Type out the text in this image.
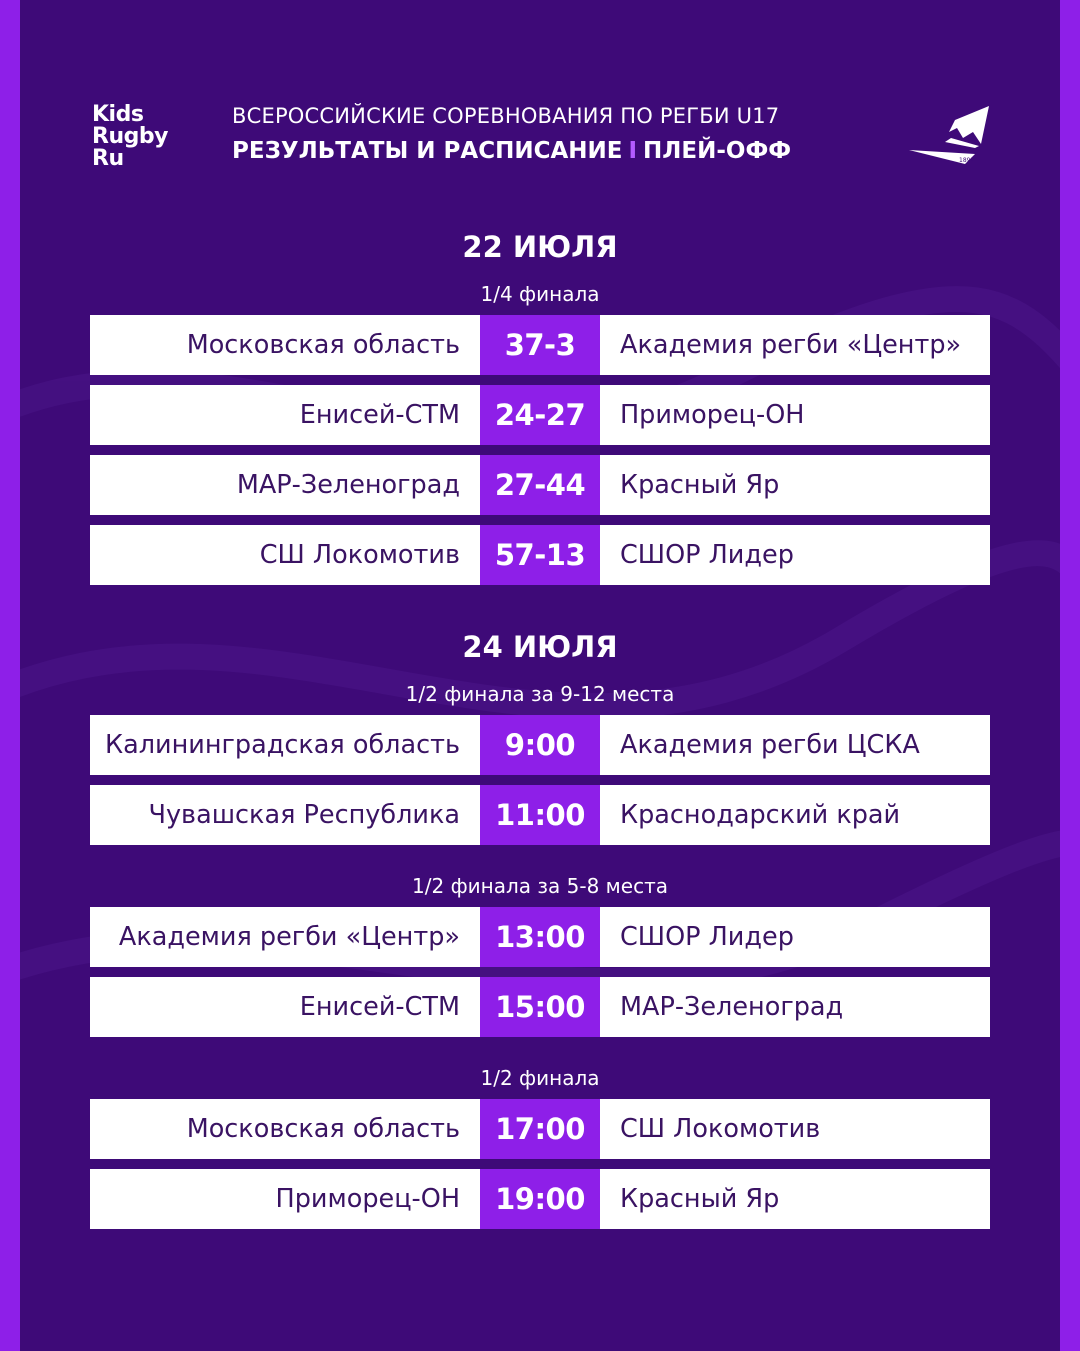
Kids
Rugby
Ru
ВСЕРОССИЙСКИЕ СОРЕВНОВАНИЯ ПО РЕГБИ U17
РЕЗУЛЬТАТЫ И РАСПИСАНИЕ I ПЛЕЙ-ОФФ	1892
22 ИЮЛЯ
1/4 финала
Московская область	37-3	Академия регби «Центр»
Енисей-СТМ	24-27	Приморец-ОН
МАР-Зеленоград	27-44	Красный Яр
СШ Локомотив	57-13	СШОР Лидер
24 ИЮЛЯ
1/2 финала за 9-12 места
Калининградская область	9:00	Академия регби ЦСКА
Чувашская Республика	11:00	Краснодарский край
1/2 финала за 5-8 места
Академия регби «Центр»	13:00	СШОР Лидер
Енисей-СТМ	15:00	МАР-Зеленоград
1/2 финала
Московская область	17:00	СШ Локомотив
Приморец-ОН	19:00	Красный Яр
